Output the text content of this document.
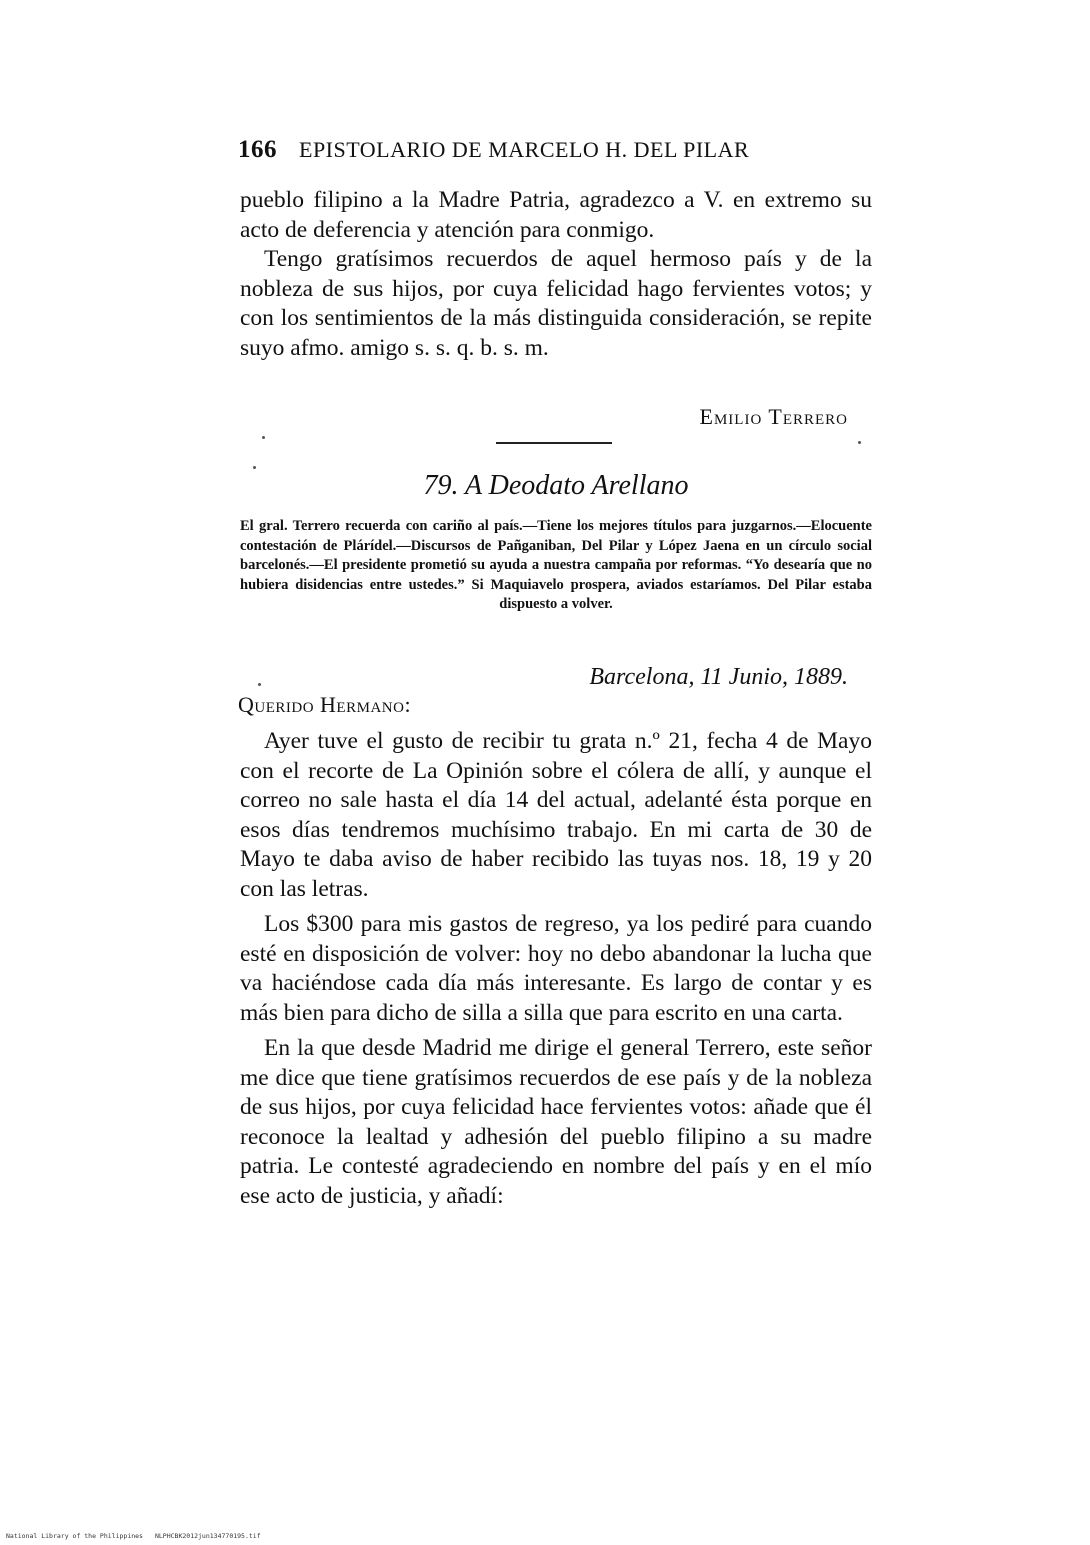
166 EPISTOLARIO DE MARCELO H. DEL PILAR

pueblo filipino a la Madre Patria, agradezco a V. en extremo su acto de deferencia y atención para conmigo.

Tengo gratísimos recuerdos de aquel hermoso país y de la nobleza de sus hijos, por cuya felicidad hago fervientes votos; y con los sentimientos de la más distinguida consideración, se repite suyo afmo. amigo s. s. q. b. s. m.

Emilio Terrero
79. A Deodato Arellano
El gral. Terrero recuerda con cariño al país.—Tiene los mejores títulos para juzgarnos.—Elocuente contestación de Plárídel.—Discursos de Pañganiban, Del Pilar y López Jaena en un círculo social barcelonés.—El presidente prometió su ayuda a nuestra campaña por reformas. “Yo desearía que no hubiera disidencias entre ustedes.” Si Maquiavelo prospera, aviados estaríamos. Del Pilar estaba dispuesto a volver.
Barcelona, 11 Junio, 1889.
Querido Hermano:

Ayer tuve el gusto de recibir tu grata n.º 21, fecha 4 de Mayo con el recorte de La Opinión sobre el cólera de allí, y aunque el correo no sale hasta el día 14 del actual, adelanté ésta porque en esos días tendremos muchísimo trabajo. En mi carta de 30 de Mayo te daba aviso de haber recibido las tuyas nos. 18, 19 y 20 con las letras.

Los $300 para mis gastos de regreso, ya los pediré para cuando esté en disposición de volver: hoy no debo abandonar la lucha que va haciéndose cada día más interesante. Es largo de contar y es más bien para dicho de silla a silla que para escrito en una carta.

En la que desde Madrid me dirige el general Terrero, este señor me dice que tiene gratísimos recuerdos de ese país y de la nobleza de sus hijos, por cuya felicidad hace fervientes votos: añade que él reconoce la lealtad y adhesión del pueblo filipino a su madre patria. Le contesté agradeciendo en nombre del país y en el mío ese acto de justicia, y añadí:

National Library of the Philippines NLPHCBK2012jun134770195.tif
